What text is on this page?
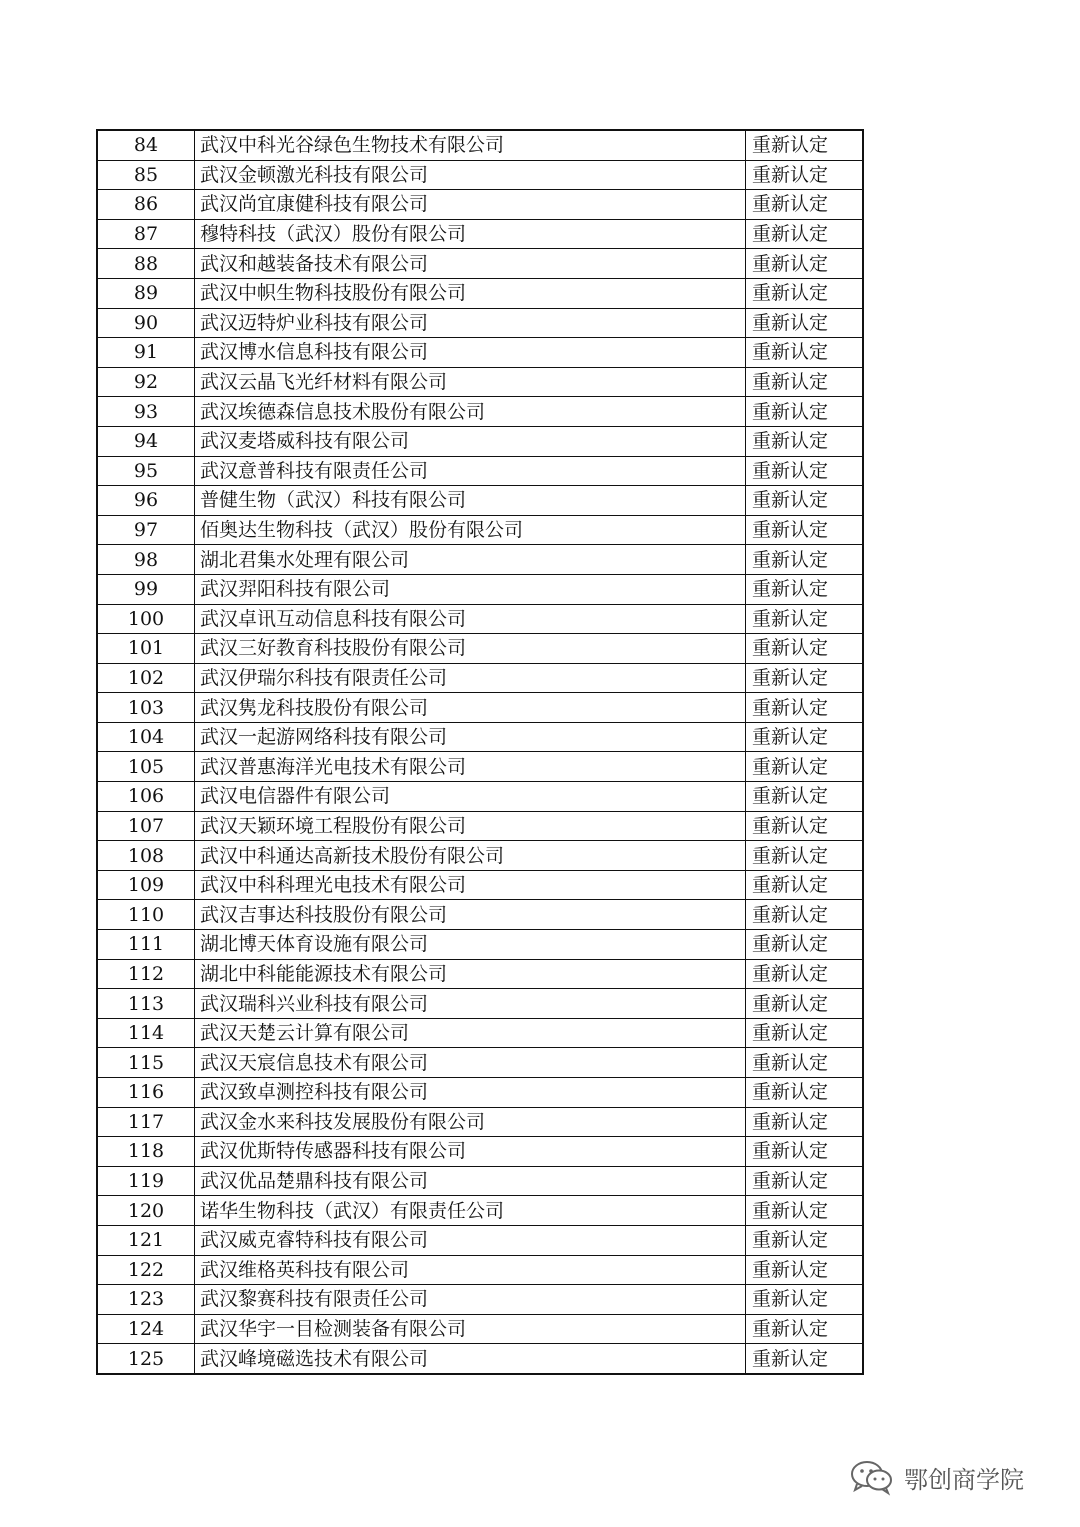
84	武汉中科光谷绿色生物技术有限公司	重新认定
85	武汉金顿激光科技有限公司	重新认定
86	武汉尚宜康健科技有限公司	重新认定
87	穆特科技（武汉）股份有限公司	重新认定
88	武汉和越装备技术有限公司	重新认定
89	武汉中帜生物科技股份有限公司	重新认定
90	武汉迈特炉业科技有限公司	重新认定
91	武汉博水信息科技有限公司	重新认定
92	武汉云晶飞光纤材料有限公司	重新认定
93	武汉埃德森信息技术股份有限公司	重新认定
94	武汉麦塔威科技有限公司	重新认定
95	武汉意普科技有限责任公司	重新认定
96	普健生物（武汉）科技有限公司	重新认定
97	佰奥达生物科技（武汉）股份有限公司	重新认定
98	湖北君集水处理有限公司	重新认定
99	武汉羿阳科技有限公司	重新认定
100	武汉卓讯互动信息科技有限公司	重新认定
101	武汉三好教育科技股份有限公司	重新认定
102	武汉伊瑞尔科技有限责任公司	重新认定
103	武汉隽龙科技股份有限公司	重新认定
104	武汉一起游网络科技有限公司	重新认定
105	武汉普惠海洋光电技术有限公司	重新认定
106	武汉电信器件有限公司	重新认定
107	武汉天颖环境工程股份有限公司	重新认定
108	武汉中科通达高新技术股份有限公司	重新认定
109	武汉中科科理光电技术有限公司	重新认定
110	武汉吉事达科技股份有限公司	重新认定
111	湖北博天体育设施有限公司	重新认定
112	湖北中科能能源技术有限公司	重新认定
113	武汉瑞科兴业科技有限公司	重新认定
114	武汉天楚云计算有限公司	重新认定
115	武汉天宸信息技术有限公司	重新认定
116	武汉致卓测控科技有限公司	重新认定
117	武汉金水来科技发展股份有限公司	重新认定
118	武汉优斯特传感器科技有限公司	重新认定
119	武汉优品楚鼎科技有限公司	重新认定
120	诺华生物科技（武汉）有限责任公司	重新认定
121	武汉威克睿特科技有限公司	重新认定
122	武汉维格英科技有限公司	重新认定
123	武汉黎赛科技有限责任公司	重新认定
124	武汉华宇一目检测装备有限公司	重新认定
125	武汉峰境磁选技术有限公司	重新认定
鄂创商学院
